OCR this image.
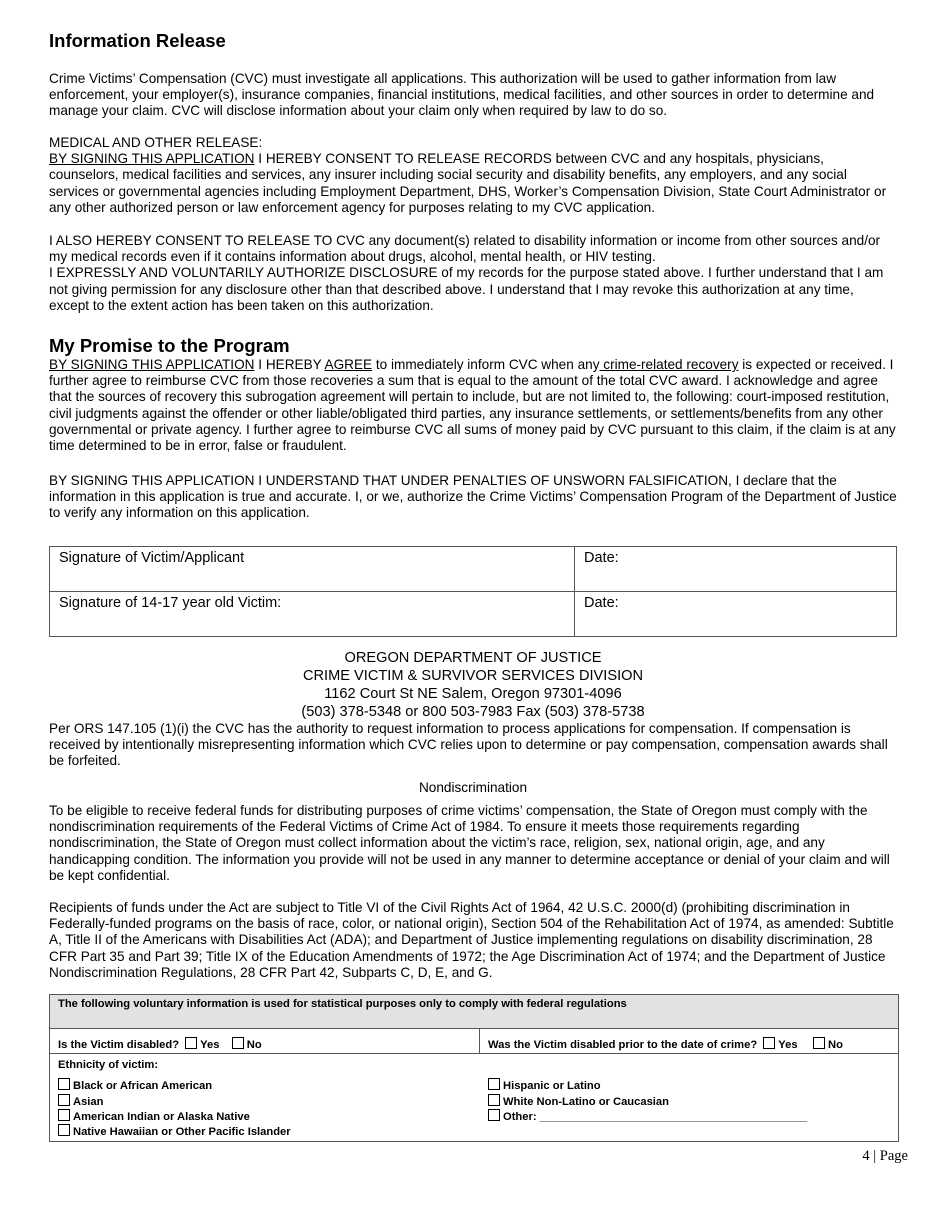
Information Release

Crime Victims’ Compensation (CVC) must investigate all applications. This authorization will be used to gather information from law enforcement, your employer(s), insurance companies, financial institutions, medical facilities, and other sources in order to determine and manage your claim. CVC will disclose information about your claim only when required by law to do so.

MEDICAL AND OTHER RELEASE:

BY SIGNING THIS APPLICATION I HEREBY CONSENT TO RELEASE RECORDS between CVC and any hospitals, physicians, counselors, medical facilities and services, any insurer including social security and disability benefits, any employers, and any social services or governmental agencies including Employment Department, DHS, Worker’s Compensation Division, State Court Administrator or any other authorized person or law enforcement agency for purposes relating to my CVC application.

I ALSO HEREBY CONSENT TO RELEASE TO CVC any document(s) related to disability information or income from other sources and/or my medical records even if it contains information about drugs, alcohol, mental health, or HIV testing.

I EXPRESSLY AND VOLUNTARILY AUTHORIZE DISCLOSURE of my records for the purpose stated above. I further understand that I am not giving permission for any disclosure other than that described above. I understand that I may revoke this authorization at any time, except to the extent action has been taken on this authorization.

My Promise to the Program

BY SIGNING THIS APPLICATION I HEREBY AGREE to immediately inform CVC when any crime-related recovery is expected or received. I further agree to reimburse CVC from those recoveries a sum that is equal to the amount of the total CVC award. I acknowledge and agree that the sources of recovery this subrogation agreement will pertain to include, but are not limited to, the following: court-imposed restitution, civil judgments against the offender or other liable/obligated third parties, any insurance settlements, or settlements/benefits from any other governmental or private agency. I further agree to reimburse CVC all sums of money paid by CVC pursuant to this claim, if the claim is at any time determined to be in error, false or fraudulent.

BY SIGNING THIS APPLICATION I UNDERSTAND THAT UNDER PENALTIES OF UNSWORN FALSIFICATION, I declare that the information in this application is true and accurate. I, or we, authorize the Crime Victims’ Compensation Program of the Department of Justice to verify any information on this application.

Signature of Victim/Applicant	Date:
Signature of 14-17 year old Victim:	Date:
OREGON DEPARTMENT OF JUSTICE
CRIME VICTIM & SURVIVOR SERVICES DIVISION
1162 Court St NE Salem, Oregon 97301-4096
(503) 378-5348 or 800 503-7983 Fax (503) 378-5738

Per ORS 147.105 (1)(i) the CVC has the authority to request information to process applications for compensation. If compensation is received by intentionally misrepresenting information which CVC relies upon to determine or pay compensation, compensation awards shall be forfeited.

Nondiscrimination

To be eligible to receive federal funds for distributing purposes of crime victims’ compensation, the State of Oregon must comply with the nondiscrimination requirements of the Federal Victims of Crime Act of 1984. To ensure it meets those requirements regarding nondiscrimination, the State of Oregon must collect information about the victim’s race, religion, sex, national origin, age, and any handicapping condition. The information you provide will not be used in any manner to determine acceptance or denial of your claim and will be kept confidential.

Recipients of funds under the Act are subject to Title VI of the Civil Rights Act of 1964, 42 U.S.C. 2000(d) (prohibiting discrimination in Federally-funded programs on the basis of race, color, or national origin), Section 504 of the Rehabilitation Act of 1974, as amended: Subtitle A, Title II of the Americans with Disabilities Act (ADA); and Department of Justice implementing regulations on disability discrimination, 28 CFR Part 35 and Part 39; Title IX of the Education Amendments of 1972; the Age Discrimination Act of 1974; and the Department of Justice Nondiscrimination Regulations, 28 CFR Part 42, Subparts C, D, E, and G.

The following voluntary information is used for statistical purposes only to comply with federal regulations
Is the Victim disabled? Yes No	Was the Victim disabled prior to the date of crime? Yes	No
Ethnicity of victim:
Black or African American
Asian
American Indian or Alaska Native
Native Hawaiian or Other Pacific Islander
Hispanic or Latino
White Non-Latino or Caucasian
Other: ___________________________________________
4 | Page
